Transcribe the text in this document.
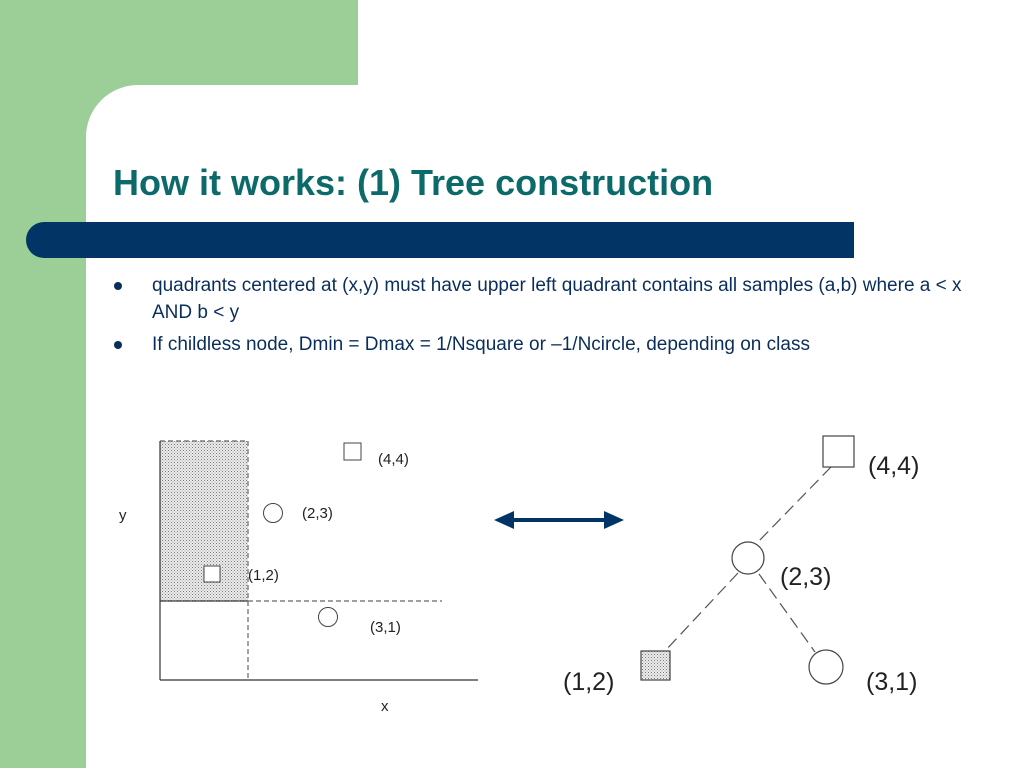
How it works: (1) Tree construction
quadrants centered at (x,y) must have upper left quadrant contains all samples (a,b) where a < x AND b < y
If childless node, Dmin = Dmax = 1/Nsquare or –1/Ncircle, depending on class
y
x
(4,4)
(2,3)
(1,2)
(3,1)
(4,4)
(2,3)
(1,2)	(3,1)
